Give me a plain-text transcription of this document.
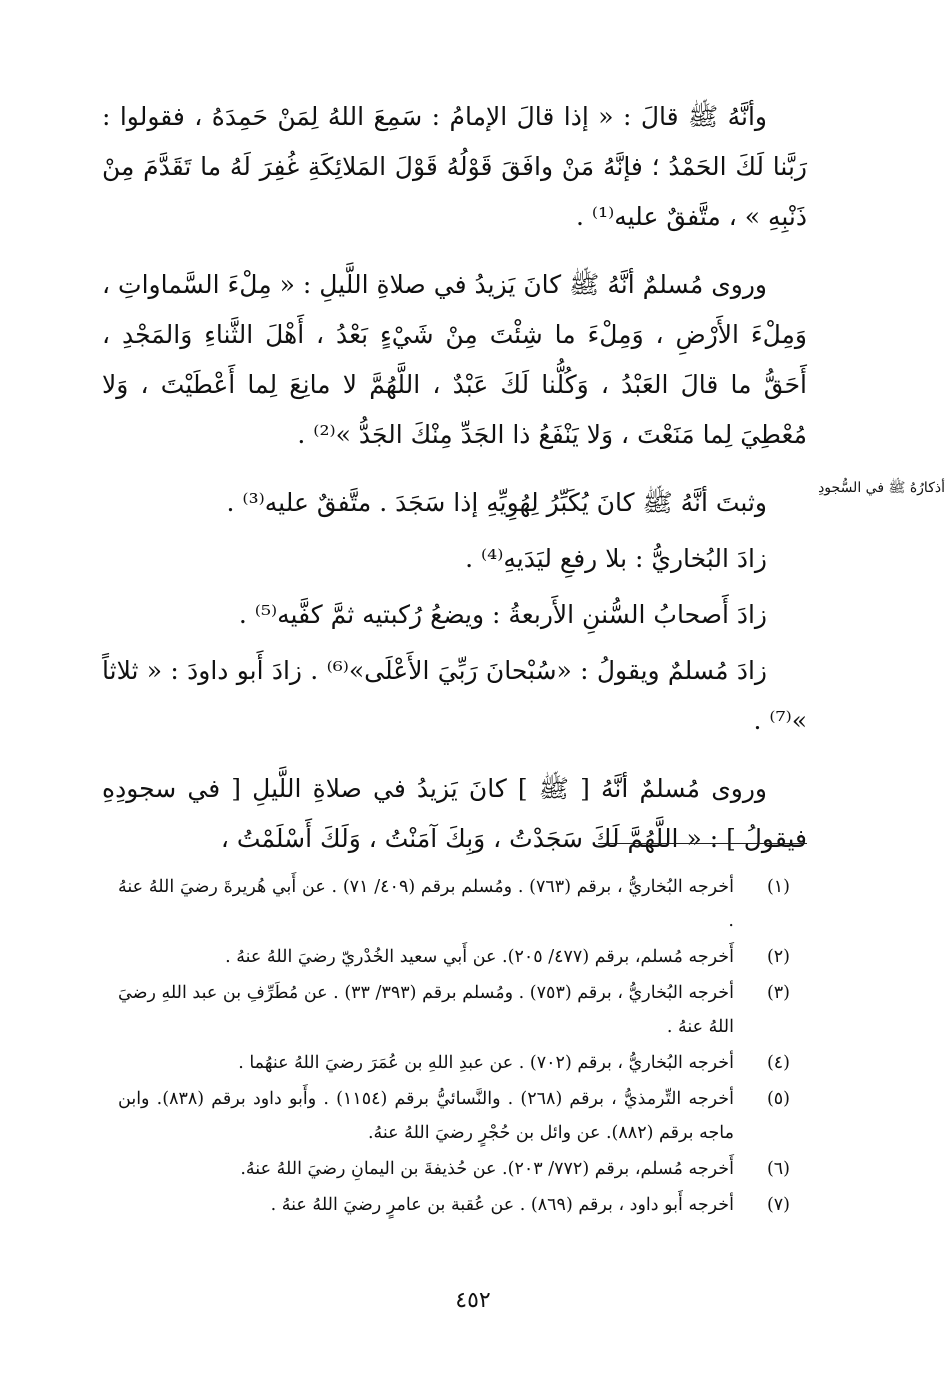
وأنَّهُ ﷺ قالَ : « إذا قالَ الإمامُ : سَمِعَ اللهُ لِمَنْ حَمِدَهُ ، فقولوا : رَبَّنا لَكَ الحَمْدُ ؛ فإنَّهُ مَنْ وافَقَ قَوْلُهُ قَوْلَ المَلائِكَةِ غُفِرَ لَهُ ما تَقَدَّمَ مِنْ ذَنْبِهِ » ، متَّفقٌ عليه⁽¹⁾ .

وروى مُسلمٌ أنَّهُ ﷺ كانَ يَزيدُ في صلاةِ اللَّيلِ : « مِلْءَ السَّماواتِ ، وَمِلْءَ الأَرْضِ ، وَمِلْءَ ما شِئْتَ مِنْ شَيْءٍ بَعْدُ ، أَهْلَ الثَّناءِ وَالمَجْدِ ، أَحَقُّ ما قالَ العَبْدُ ، وَكُلُّنا لَكَ عَبْدٌ ، اللَّهُمَّ لا مانِعَ لِما أَعْطَيْتَ ، وَلا مُعْطِيَ لِما مَنَعْتَ ، وَلا يَنْفَعُ ذا الجَدِّ مِنْكَ الجَدُّ »⁽²⁾ .

وثبتَ أنَّهُ ﷺ كانَ يُكَبِّرُ لِهُوِيِّهِ إذا سَجَدَ . متَّفقٌ عليه⁽³⁾ .

زادَ البُخاريُّ : بلا رفعِ ليَدَيهِ⁽⁴⁾ .

زادَ أَصحابُ السُّننِ الأَربعةُ : ويضعُ رُكبتيه ثمَّ كفَّيه⁽⁵⁾ .

زادَ مُسلمٌ ويقولُ : «سُبْحانَ رَبِّيَ الأَعْلَى»⁽⁶⁾ . زادَ أَبو داودَ : « ثلاثاً »⁽⁷⁾ .

وروى مُسلمٌ أنَّهُ [ ﷺ ] كانَ يَزيدُ في صلاةِ اللَّيلِ [ في سجودِهِ فيقولُ ] : « اللَّهُمَّ لَكَ سَجَدْتُ ، وَبِكَ آمَنْتُ ، وَلَكَ أَسْلَمْتُ ،

أذكارُهُ ﷺ في السُّجودِ
(١)
أخرجه البُخاريُّ ، برقم (٧٦٣) . ومُسلم برقم (٤٠٩/ ٧١) . عن أَبي هُريرةَ رضيَ اللهُ عنهُ .
(٢)
أَخرجه مُسلم، برقم (٤٧٧/ ٢٠٥). عن أَبي سعيد الخُدْريّ رضيَ اللهُ عنهُ .
(٣)
أخرجه البُخاريُّ ، برقم (٧٥٣) . ومُسلم برقم (٣٩٣/ ٣٣) . عن مُطَرِّفِ بن عبد اللهِ رضيَ اللهُ عنهُ .
(٤)
أخرجه البُخاريُّ ، برقم (٧٠٢) . عن عبدِ اللهِ بن عُمَرَ رضيَ اللهُ عنهُما .
(٥)
أخرجه التِّرمذيُّ ، برقم (٢٦٨) . والنَّسائيُّ برقم (١١٥٤) . وأَبو داود برقم (٨٣٨). وابن ماجه برقم (٨٨٢). عن وائل بن حُجْرٍ رضيَ اللهُ عنهُ.
(٦)
أَخرجه مُسلم، برقم (٧٧٢/ ٢٠٣). عن حُذيفةَ بن اليمانِ رضيَ اللهُ عنهُ.
(٧)
أخرجه أَبو داود ، برقم (٨٦٩) . عن عُقبة بن عامرٍ رضيَ اللهُ عنهُ .
٤٥٢
